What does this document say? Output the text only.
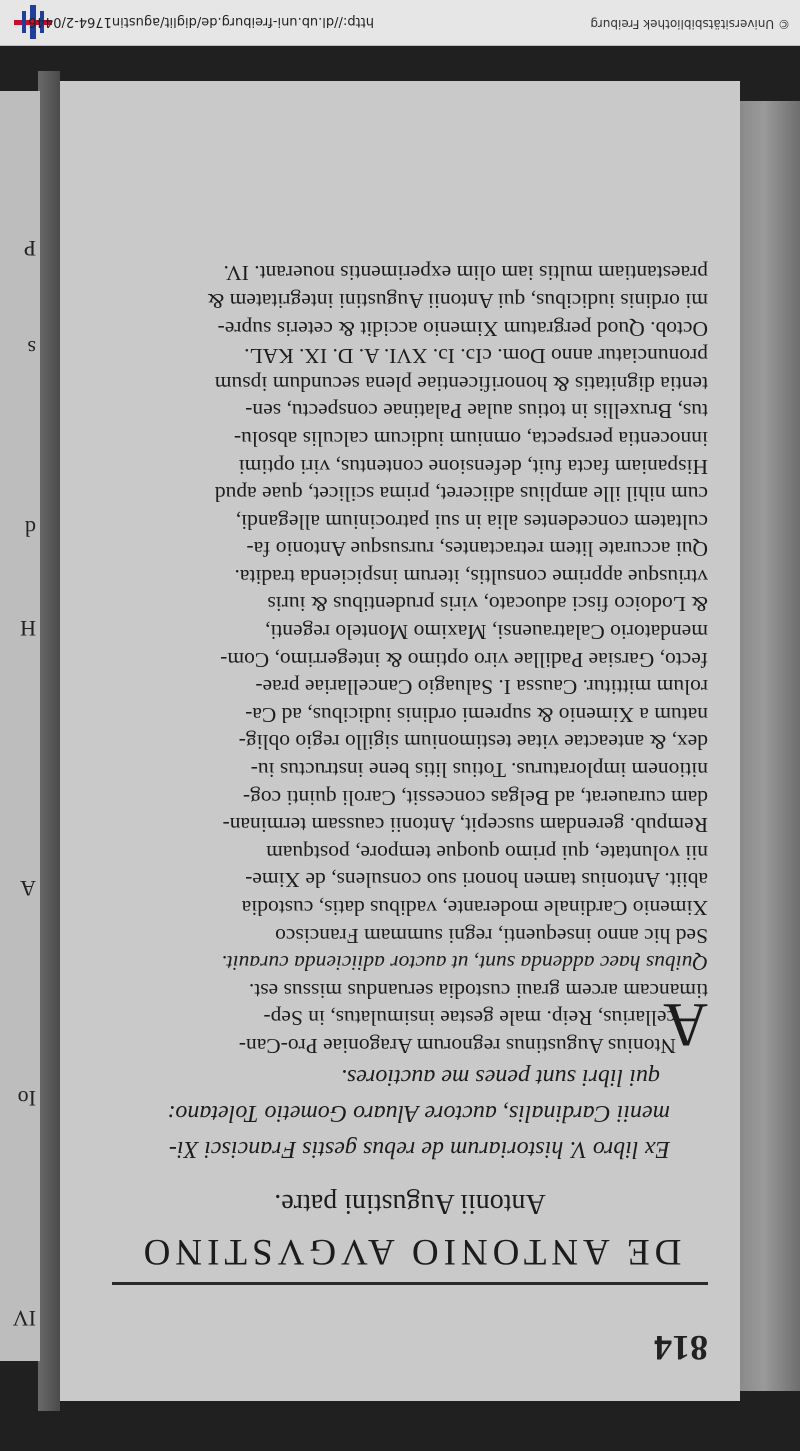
IV
Io
A
H
d
s
P
814
DE ANTONIO AVGVSTINO
Antonii Augustini patre.
Ex libro V. historiarum de rebus gestis Francisci Xi-
menii Cardinalis, auctore Aluaro Gometio Toletano:
qui libri sunt penes me auctiores.
A
Ntonius Augustinus regnorum Aragoniae Pro-Can-
cellarius, Reip. male gestae insimulatus, in Sep-
timancam arcem graui custodia seruandus missus est.
Quibus haec addenda sunt, ut auctor adiicienda curauit.
Sed hic anno insequenti, regni summam Francisco
Ximenio Cardinale moderante, vadibus datis, custodia
abiit. Antonius tamen honori suo consulens, de Xime-
nii voluntate, qui primo quoque tempore, postquam
Rempub. gerendam suscepit, Antonii caussam terminan-
dam curauerat, ad Belgas concessit, Caroli quinti cog-
nitionem imploraturus. Totius litis bene instructus iu-
dex, & anteactae vitae testimonium sigillo regio oblig-
natum a Ximenio & supremi ordinis iudicibus, ad Ca-
rolum mittitur. Caussa I. Saluagio Cancellariae prae-
fecto, Garsiae Padillae viro optimo & integerrimo, Com-
mendatorio Calatrauensi, Maximo Montelo regenti,
& Lodoico fisci aduocato, viris prudentibus & iuris
vtriusque apprime consultis, iterum inspicienda tradita.
Qui accurate litem retractantes, rursusque Antonio fa-
cultatem concedentes alia in sui patrocinium allegandi,
cum nihil ille amplius adiiceret, prima scilicet, quae apud
Hispaniam facta fuit, defensione contentus, viri optimi
innocentia perspecta, omnium iudicum calculis absolu-
tus, Bruxellis in totius aulae Palatinae conspectu, sen-
tentia dignitatis & honorificentiae plena secundum ipsum
pronunciatur anno Dom. cIɔ. Iɔ. XVI. A. D. IX. KAL.
Octob. Quod pergratum Ximenio accidit & ceteris supre-
mi ordinis iudicibus, qui Antonii Augustini integritatem &
praestantiam multis iam olim experimentis nouerant. IV.
http://dl.ub.uni-freiburg.de/diglit/agustin1764-2/0446	© Universitätsbibliothek Freiburg
